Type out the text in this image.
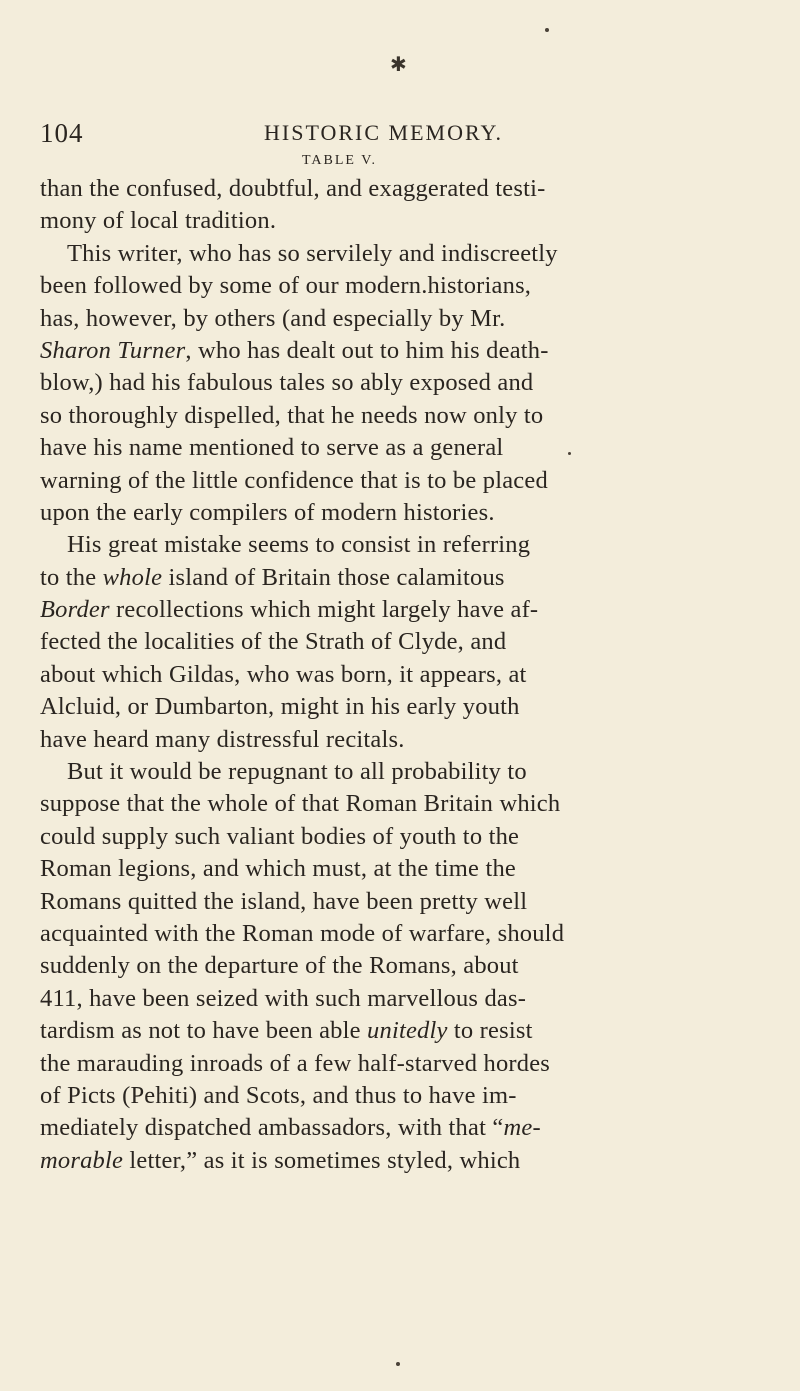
✱
104	HISTORIC MEMORY.
TABLE V.
than the confused, doubtful, and exaggerated testi-
mony of local tradition.
This writer, who has so servilely and indiscreetly
been followed by some of our modern.historians,
has, however, by others (and especially by Mr.
Sharon Turner, who has dealt out to him his death-
blow,) had his fabulous tales so ably exposed and
so thoroughly dispelled, that he needs now only to
have his name mentioned to serve as a general
warning of the little confidence that is to be placed
upon the early compilers of modern histories.
His great mistake seems to consist in referring
to the whole island of Britain those calamitous
Border recollections which might largely have af-
fected the localities of the Strath of Clyde, and
about which Gildas, who was born, it appears, at
Alcluid, or Dumbarton, might in his early youth
have heard many distressful recitals.
But it would be repugnant to all probability to
suppose that the whole of that Roman Britain which
could supply such valiant bodies of youth to the
Roman legions, and which must, at the time the
Romans quitted the island, have been pretty well
acquainted with the Roman mode of warfare, should
suddenly on the departure of the Romans, about
411, have been seized with such marvellous das-
tardism as not to have been able unitedly to resist
the marauding inroads of a few half-starved hordes
of Picts (Pehiti) and Scots, and thus to have im-
mediately dispatched ambassadors, with that “me-
morable letter,” as it is sometimes styled, which
